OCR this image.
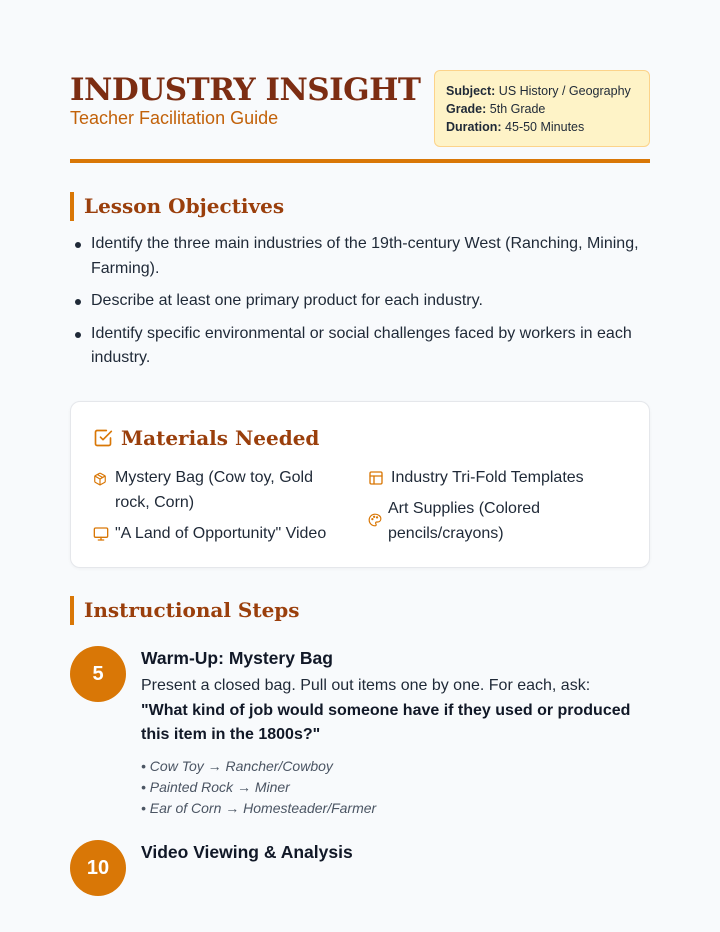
INDUSTRY INSIGHT
Teacher Facilitation Guide
Subject: US History / Geography
Grade: 5th Grade
Duration: 45-50 Minutes
Lesson Objectives
Identify the three main industries of the 19th-century West (Ranching, Mining, Farming).
Describe at least one primary product for each industry.
Identify specific environmental or social challenges faced by workers in each industry.
Materials Needed
Mystery Bag (Cow toy, Gold rock, Corn)
"A Land of Opportunity" Video
Industry Tri-Fold Templates
Art Supplies (Colored pencils/crayons)
Instructional Steps
5
Warm-Up: Mystery Bag
Present a closed bag. Pull out items one by one. For each, ask:
"What kind of job would someone have if they used or produced this item in the 1800s?"
• Cow Toy → Rancher/Cowboy
• Painted Rock → Miner
• Ear of Corn → Homesteader/Farmer
10
Video Viewing & Analysis
